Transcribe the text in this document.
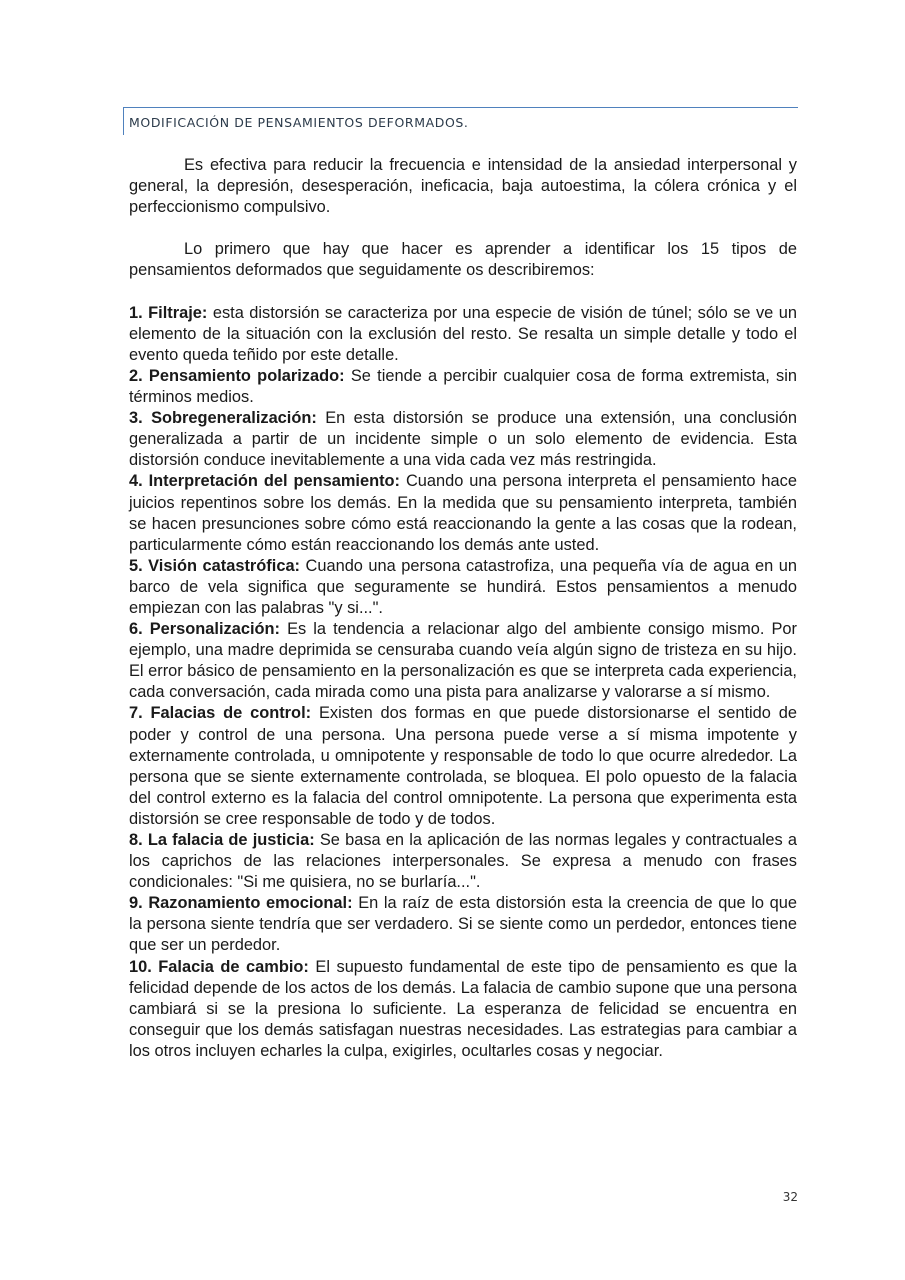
MODIFICACIÓN DE PENSAMIENTOS DEFORMADOS.

Es efectiva para reducir la frecuencia e intensidad de la ansiedad interpersonal y general, la depresión, desesperación, ineficacia, baja autoestima, la cólera crónica y el perfeccionismo compulsivo.

Lo primero que hay que hacer es aprender a identificar los 15 tipos de pensamientos deformados que seguidamente os describiremos:

1. Filtraje: esta distorsión se caracteriza por una especie de visión de túnel; sólo se ve un elemento de la situación con la exclusión del resto. Se resalta un simple detalle y todo el evento queda teñido por este detalle.

2. Pensamiento polarizado: Se tiende a percibir cualquier cosa de forma extremista, sin términos medios.

3. Sobregeneralización: En esta distorsión se produce una extensión, una conclusión generalizada a partir de un incidente simple o un solo elemento de evidencia. Esta distorsión conduce inevitablemente a una vida cada vez más restringida.

4. Interpretación del pensamiento: Cuando una persona interpreta el pensamiento hace juicios repentinos sobre los demás. En la medida que su pensamiento interpreta, también se hacen presunciones sobre cómo está reaccionando la gente a las cosas que la rodean, particularmente cómo están reaccionando los demás ante usted.

5. Visión catastrófica: Cuando una persona catastrofiza, una pequeña vía de agua en un barco de vela significa que seguramente se hundirá. Estos pensamientos a menudo empiezan con las palabras "y si...".

6. Personalización: Es la tendencia a relacionar algo del ambiente consigo mismo. Por ejemplo, una madre deprimida se censuraba cuando veía algún signo de tristeza en su hijo. El error básico de pensamiento en la personalización es que se interpreta cada experiencia, cada conversación, cada mirada como una pista para analizarse y valorarse a sí mismo.

7. Falacias de control: Existen dos formas en que puede distorsionarse el sentido de poder y control de una persona. Una persona puede verse a sí misma impotente y externamente controlada, u omnipotente y responsable de todo lo que ocurre alrededor. La persona que se siente externamente controlada, se bloquea. El polo opuesto de la falacia del control externo es la falacia del control omnipotente. La persona que experimenta esta distorsión se cree responsable de todo y de todos.

8. La falacia de justicia: Se basa en la aplicación de las normas legales y contractuales a los caprichos de las relaciones interpersonales. Se expresa a menudo con frases condicionales: "Si me quisiera, no se burlaría...".

9. Razonamiento emocional: En la raíz de esta distorsión esta la creencia de que lo que la persona siente tendría que ser verdadero. Si se siente como un perdedor, entonces tiene que ser un perdedor.

10. Falacia de cambio: El supuesto fundamental de este tipo de pensamiento es que la felicidad depende de los actos de los demás. La falacia de cambio supone que una persona cambiará si se la presiona lo suficiente. La esperanza de felicidad se encuentra en conseguir que los demás satisfagan nuestras necesidades. Las estrategias para cambiar a los otros incluyen echarles la culpa, exigirles, ocultarles cosas y negociar.

32
